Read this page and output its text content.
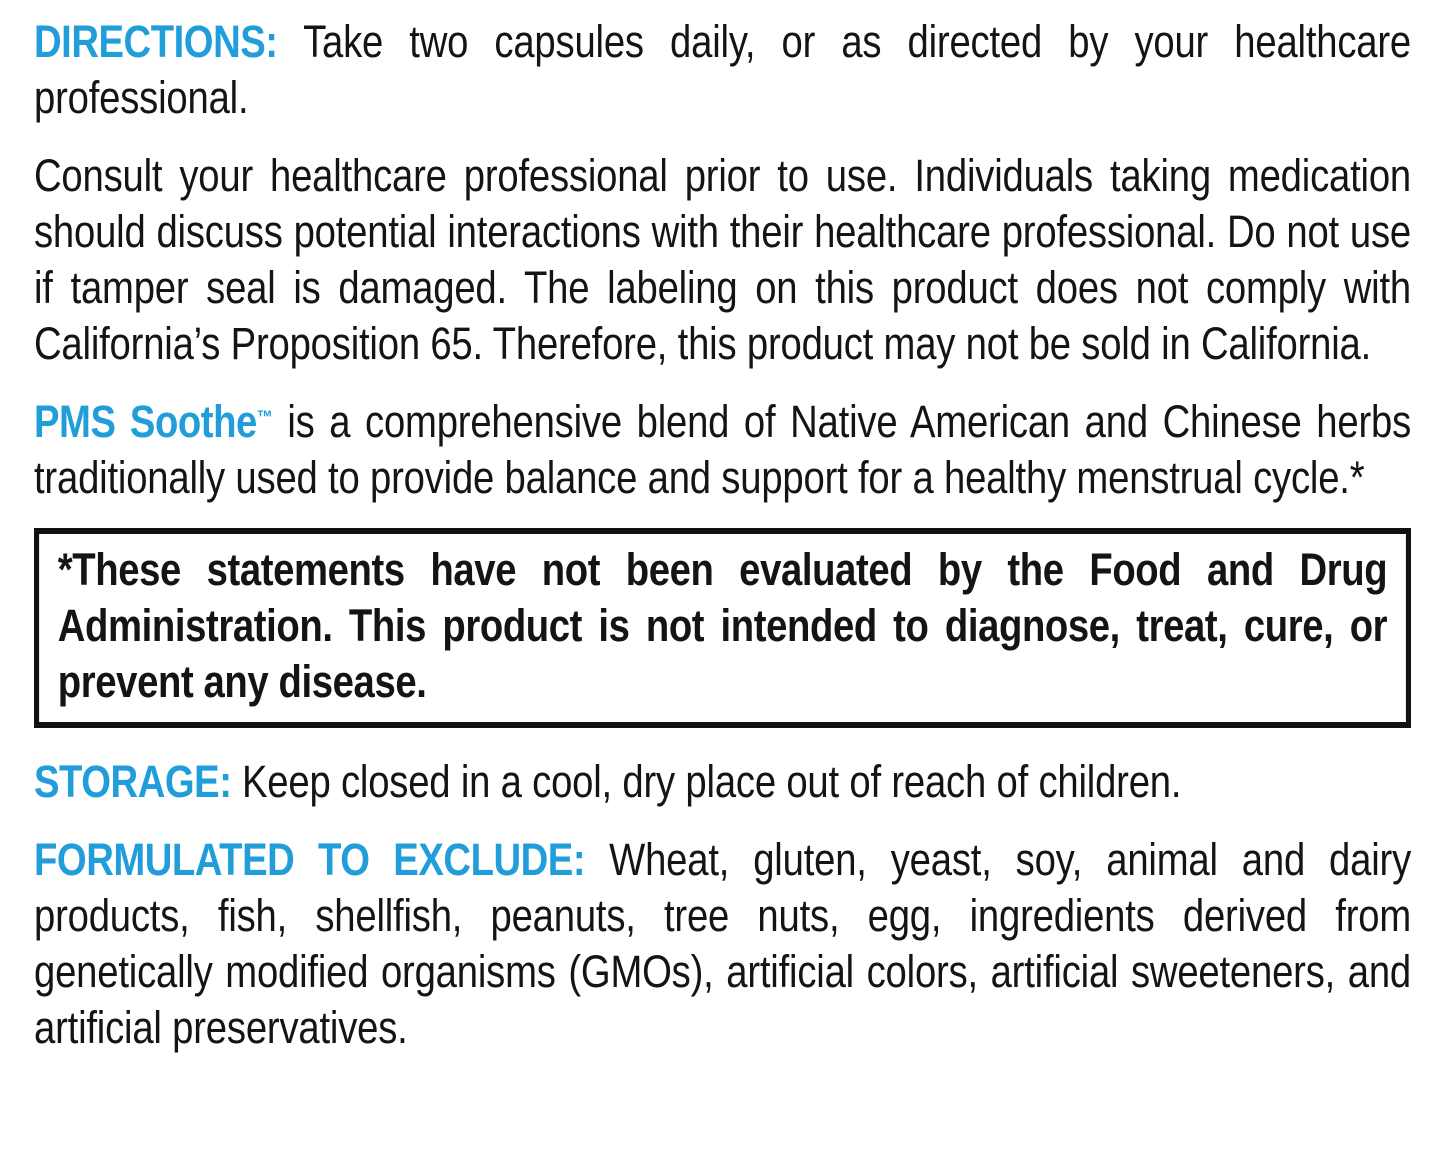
DIRECTIONS: Take two capsules daily, or as directed by your healthcare professional.

Consult your healthcare professional prior to use. Individuals taking medication should discuss potential interactions with their healthcare professional. Do not use if tamper seal is damaged. The labeling on this product does not comply with California’s Proposition 65. Therefore, this product may not be sold in California.

PMS Soothe™ is a comprehensive blend of Native American and Chinese herbs traditionally used to provide balance and support for a healthy menstrual cycle.*

*These statements have not been evaluated by the Food and Drug Administration. This product is not intended to diagnose, treat, cure, or prevent any disease.

STORAGE: Keep closed in a cool, dry place out of reach of children.

FORMULATED TO EXCLUDE: Wheat, gluten, yeast, soy, animal and dairy products, fish, shellfish, peanuts, tree nuts, egg, ingredients derived from genetically modified organisms (GMOs), artificial colors, artificial sweeteners, and artificial preservatives.
